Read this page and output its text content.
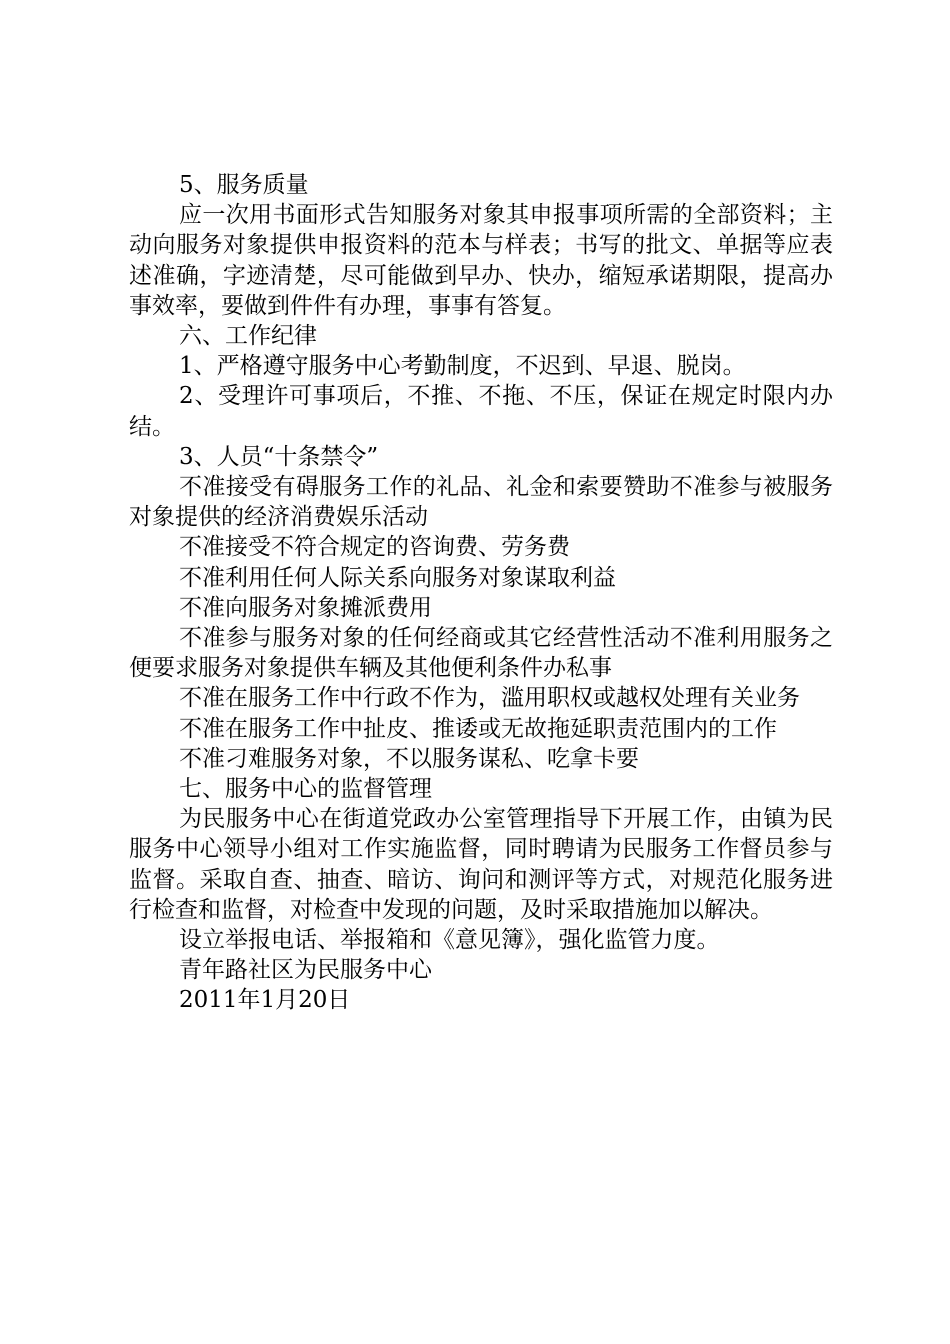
5、服务质量

应一次用书面形式告知服务对象其申报事项所需的全部资料；主动向服务对象提供申报资料的范本与样表；书写的批文、单据等应表述准确，字迹清楚，尽可能做到早办、快办，缩短承诺期限，提高办事效率，要做到件件有办理，事事有答复。

六、工作纪律

1、严格遵守服务中心考勤制度，不迟到、早退、脱岗。

2、受理许可事项后，不推、不拖、不压，保证在规定时限内办结。

3、人员“十条禁令”

不准接受有碍服务工作的礼品、礼金和索要赞助不准参与被服务对象提供的经济消费娱乐活动

不准接受不符合规定的咨询费、劳务费

不准利用任何人际关系向服务对象谋取利益

不准向服务对象摊派费用

不准参与服务对象的任何经商或其它经营性活动不准利用服务之便要求服务对象提供车辆及其他便利条件办私事

不准在服务工作中行政不作为，滥用职权或越权处理有关业务

不准在服务工作中扯皮、推诿或无故拖延职责范围内的工作

不准刁难服务对象，不以服务谋私、吃拿卡要

七、服务中心的监督管理

为民服务中心在街道党政办公室管理指导下开展工作，由镇为民服务中心领导小组对工作实施监督，同时聘请为民服务工作督员参与监督。采取自查、抽查、暗访、询问和测评等方式，对规范化服务进行检查和监督，对检查中发现的问题，及时采取措施加以解决。

设立举报电话、举报箱和《意见簿》，强化监管力度。

青年路社区为民服务中心

2011年1月20日
